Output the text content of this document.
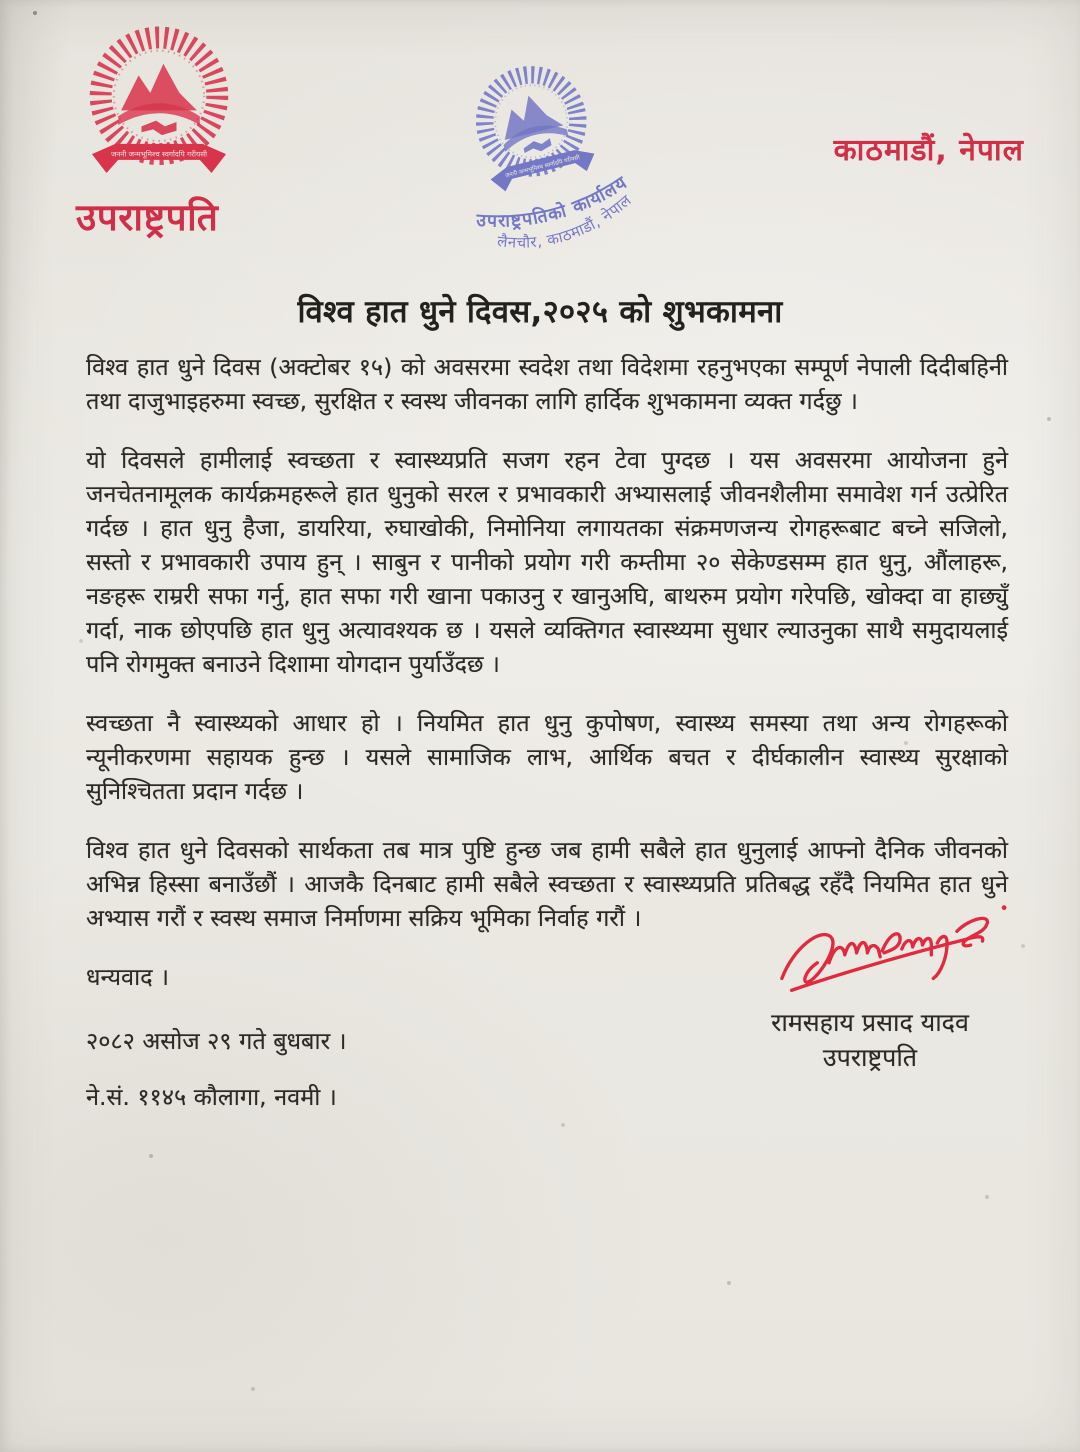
उपराष्ट्रपति	उपराष्ट्रपतिको कार्यालय
लैनचौर, काठमाडौं, नेपाल
काठमाडौं, नेपाल
विश्व हात धुने दिवस,२०२५ को शुभकामना

विश्व हात धुने दिवस (अक्टोबर १५) को अवसरमा स्वदेश तथा विदेशमा रहनुभएका सम्पूर्ण नेपाली दिदीबहिनी तथा दाजुभाइहरुमा स्वच्छ, सुरक्षित र स्वस्थ जीवनका लागि हार्दिक शुभकामना व्यक्त गर्दछु ।

यो दिवसले हामीलाई स्वच्छता र स्वास्थ्यप्रति सजग रहन टेवा पुग्दछ । यस अवसरमा आयोजना हुने जनचेतनामूलक कार्यक्रमहरूले हात धुनुको सरल र प्रभावकारी अभ्यासलाई जीवनशैलीमा समावेश गर्न उत्प्रेरित गर्दछ । हात धुनु हैजा, डायरिया, रुघाखोकी, निमोनिया लगायतका संक्रमणजन्य रोगहरूबाट बच्ने सजिलो, सस्तो र प्रभावकारी उपाय हुन् । साबुन र पानीको प्रयोग गरी कम्तीमा २० सेकेण्डसम्म हात धुनु, औंलाहरू, नङहरू राम्ररी सफा गर्नु, हात सफा गरी खाना पकाउनु र खानुअघि, बाथरुम प्रयोग गरेपछि, खोक्दा वा हाछ्युँ गर्दा, नाक छोएपछि हात धुनु अत्यावश्यक छ । यसले व्यक्तिगत स्वास्थ्यमा सुधार ल्याउनुका साथै समुदायलाई पनि रोगमुक्त बनाउने दिशामा योगदान पुर्याउँदछ ।

स्वच्छता नै स्वास्थ्यको आधार हो । नियमित हात धुनु कुपोषण, स्वास्थ्य समस्या तथा अन्य रोगहरूको न्यूनीकरणमा सहायक हुन्छ । यसले सामाजिक लाभ, आर्थिक बचत र दीर्घकालीन स्वास्थ्य सुरक्षाको सुनिश्चितता प्रदान गर्दछ ।

विश्व हात धुने दिवसको सार्थकता तब मात्र पुष्टि हुन्छ जब हामी सबैले हात धुनुलाई आफ्नो दैनिक जीवनको अभिन्न हिस्सा बनाउँछौं । आजकै दिनबाट हामी सबैले स्वच्छता र स्वास्थ्यप्रति प्रतिबद्ध रहँदै नियमित हात धुने अभ्यास गरौं र स्वस्थ समाज निर्माणमा सक्रिय भूमिका निर्वाह गरौं ।

धन्यवाद ।

२०८२ असोज २९ गते बुधबार ।

ने.सं. ११४५ कौलागा, नवमी ।

रामसहाय प्रसाद यादव
उपराष्ट्रपति
